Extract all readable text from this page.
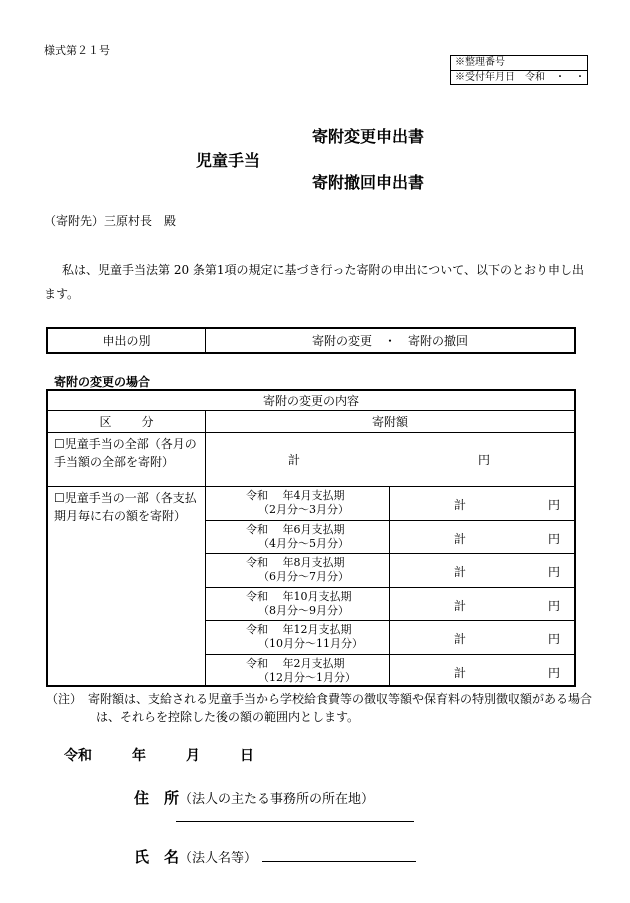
様式第２１号
※整理番号
※受付年月日　令和　・　・
寄附変更申出書
児童手当
寄附撤回申出書
（寄附先）三原村長　殿
私は、児童手当法第 20 条第1項の規定に基づき行った寄附の申出について、以下のとおり申し出ます。
申出の別	寄附の変更　・　寄附の撤回
寄附の変更の場合
寄附の変更の内容
区分	寄附額
☐児童手当の全部（各月の手当額の全部を寄附）	計	円
☐児童手当の一部（各支払期月毎に右の額を寄附）
令和　 年4月支払期
（2月分～3月分）	計	円
令和　 年6月支払期
（4月分～5月分）	計	円
令和　 年8月支払期
（6月分～7月分）	計	円
令和　 年10月支払期
（8月分～9月分）	計	円
令和　 年12月支払期
（10月分～11月分）	計	円
令和　 年2月支払期
（12月分～1月分）	計	円
（注）　寄附額は、支給される児童手当から学校給食費等の徴収等額や保育料の特別徴収額がある場合は、それらを控除した後の額の範囲内とします。
令和	年	月	日
住　所（法人の主たる事務所の所在地）
氏　名（法人名等）
